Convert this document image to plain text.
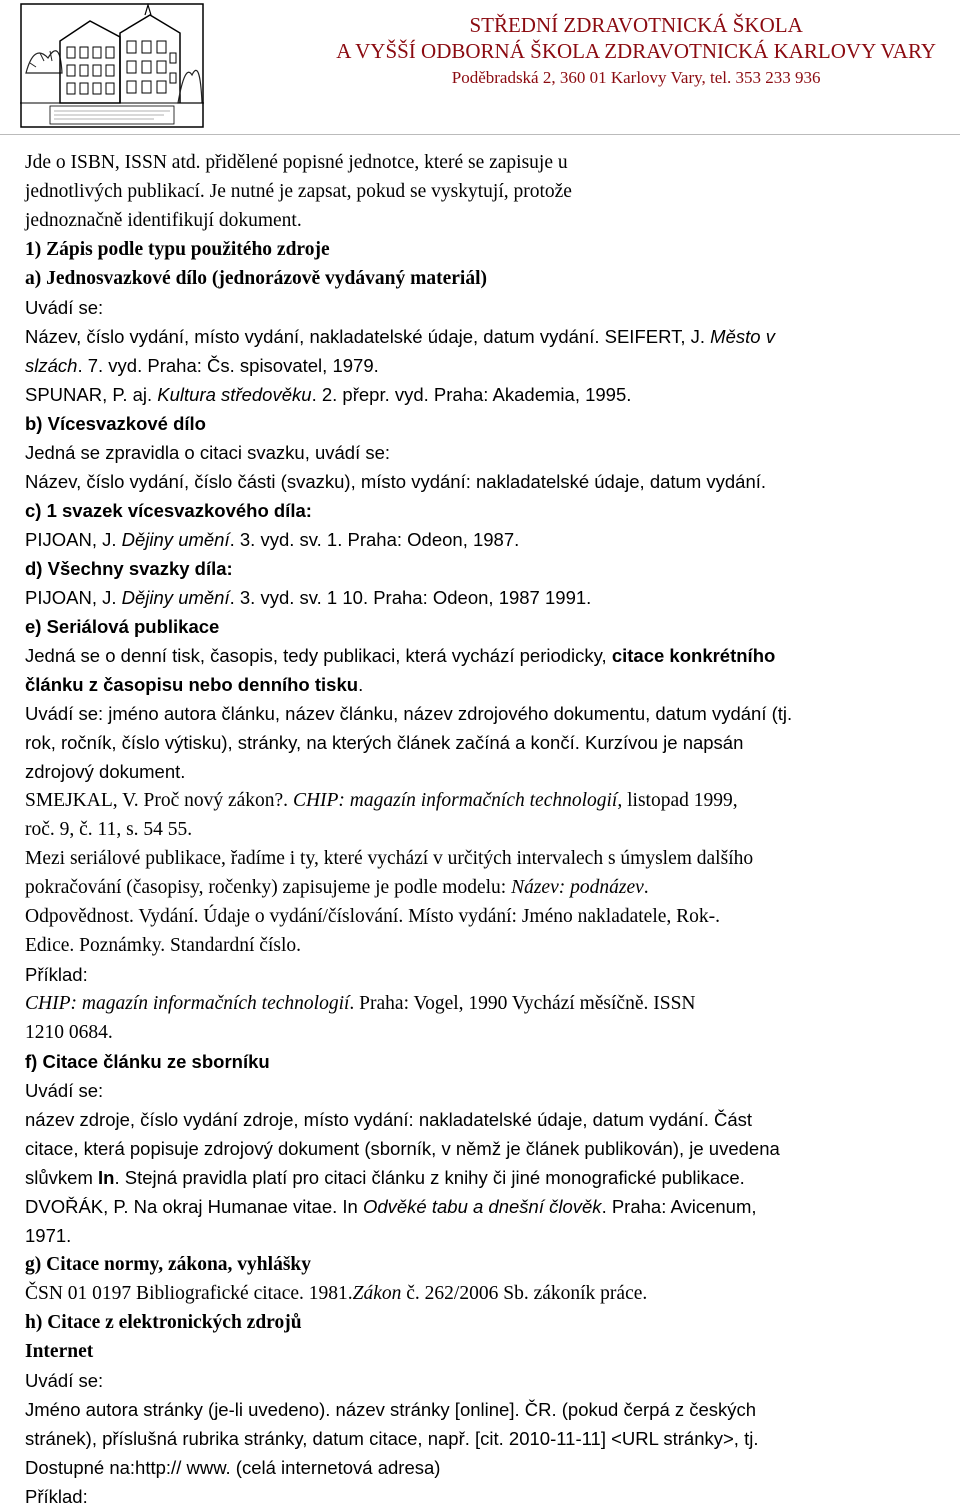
STŘEDNÍ ZDRAVOTNICKÁ ŠKOLA
A VYŠŠÍ ODBORNÁ ŠKOLA ZDRAVOTNICKÁ KARLOVY VARY
Poděbradská 2, 360 01 Karlovy Vary, tel. 353 233 936

Jde o ISBN, ISSN atd. přidělené popisné jednotce, které se zapisuje u

jednotlivých publikací. Je nutné je zapsat, pokud se vyskytují, protože

jednoznačně identifikují dokument.

1) Zápis podle typu použitého zdroje

a) Jednosvazkové dílo (jednorázově vydávaný materiál)

Uvádí se:

Název, číslo vydání, místo vydání, nakladatelské údaje, datum vydání. SEIFERT, J. Město v

slzách. 7. vyd. Praha: Čs. spisovatel, 1979.

SPUNAR, P. aj. Kultura středověku. 2. přepr. vyd. Praha: Akademia, 1995.

b) Vícesvazkové dílo

Jedná se zpravidla o citaci svazku, uvádí se:

Název, číslo vydání, číslo části (svazku), místo vydání: nakladatelské údaje, datum vydání.

c) 1 svazek vícesvazkového díla:

PIJOAN, J. Dějiny umění. 3. vyd. sv. 1. Praha: Odeon, 1987.

d) Všechny svazky díla:

PIJOAN, J. Dějiny umění. 3. vyd. sv. 1 10. Praha: Odeon, 1987 1991.

e) Seriálová publikace

Jedná se o denní tisk, časopis, tedy publikaci, která vychází periodicky, citace konkrétního

článku z časopisu nebo denního tisku.

Uvádí se: jméno autora článku, název článku, název zdrojového dokumentu, datum vydání (tj.

rok, ročník, číslo výtisku), stránky, na kterých článek začíná a končí. Kurzívou je napsán

zdrojový dokument.

SMEJKAL, V. Proč nový zákon?. CHIP: magazín informačních technologií, listopad 1999,

roč. 9, č. 11, s. 54 55.

Mezi seriálové publikace, řadíme i ty, které vychází v určitých intervalech s úmyslem dalšího

pokračování (časopisy, ročenky) zapisujeme je podle modelu: Název: podnázev.

Odpovědnost. Vydání. Údaje o vydání/číslování. Místo vydání: Jméno nakladatele, Rok-.

Edice. Poznámky. Standardní číslo.

Příklad:

CHIP: magazín informačních technologií. Praha: Vogel, 1990 Vychází měsíčně. ISSN

1210 0684.

f) Citace článku ze sborníku

Uvádí se:

název zdroje, číslo vydání zdroje, místo vydání: nakladatelské údaje, datum vydání. Část

citace, která popisuje zdrojový dokument (sborník, v němž je článek publikován), je uvedena

slůvkem In. Stejná pravidla platí pro citaci článku z knihy či jiné monografické publikace.

DVOŘÁK, P. Na okraj Humanae vitae. In Odvěké tabu a dnešní člověk. Praha: Avicenum,

1971.

g) Citace normy, zákona, vyhlášky

ČSN 01 0197 Bibliografické citace. 1981.Zákon č. 262/2006 Sb. zákoník práce.

h) Citace z elektronických zdrojů

Internet

Uvádí se:

Jméno autora stránky (je-li uvedeno). název stránky [online]. ČR. (pokud čerpá z českých

stránek), příslušná rubrika stránky, datum citace, např. [cit. 2010-11-11] <URL stránky>, tj.

Dostupné na:http:// www. (celá internetová adresa)

Příklad:
